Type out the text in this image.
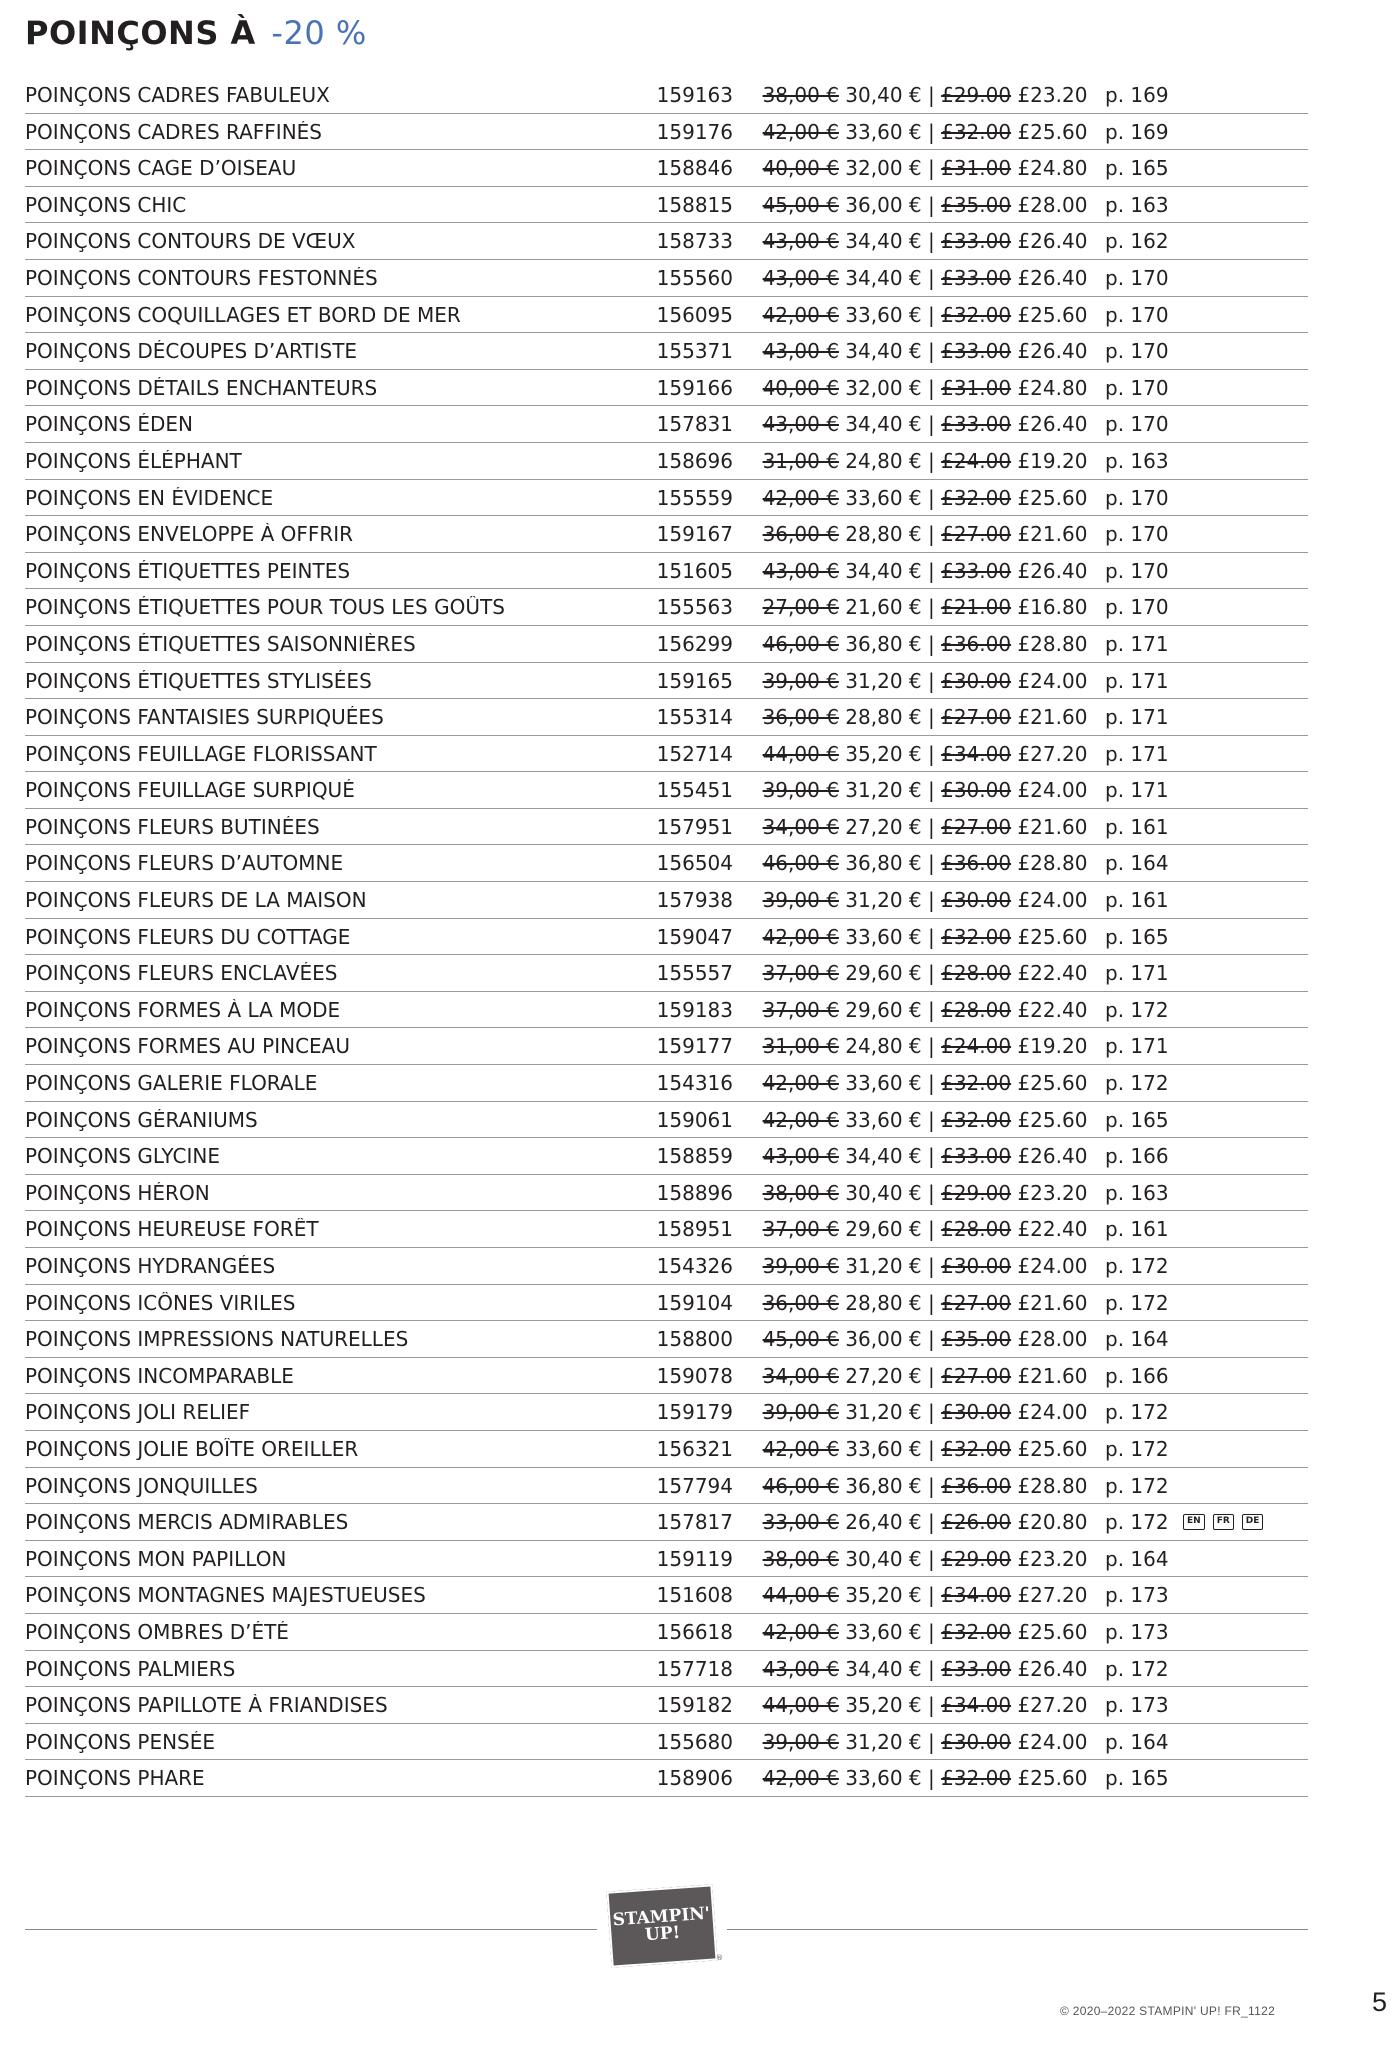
POINÇONS À -20 %
POINÇONS CADRES FABULEUX	159163	38,00 € 30,40 € | £29.00 £23.20 p. 169
POINÇONS CADRES RAFFINÉS	159176	42,00 € 33,60 € | £32.00 £25.60 p. 169
POINÇONS CAGE D’OISEAU	158846	40,00 € 32,00 € | £31.00 £24.80 p. 165
POINÇONS CHIC	158815	45,00 € 36,00 € | £35.00 £28.00 p. 163
POINÇONS CONTOURS DE VŒUX	158733	43,00 € 34,40 € | £33.00 £26.40 p. 162
POINÇONS CONTOURS FESTONNÉS	155560	43,00 € 34,40 € | £33.00 £26.40 p. 170
POINÇONS COQUILLAGES ET BORD DE MER	156095	42,00 € 33,60 € | £32.00 £25.60 p. 170
POINÇONS DÉCOUPES D’ARTISTE	155371	43,00 € 34,40 € | £33.00 £26.40 p. 170
POINÇONS DÉTAILS ENCHANTEURS	159166	40,00 € 32,00 € | £31.00 £24.80 p. 170
POINÇONS ÉDEN	157831	43,00 € 34,40 € | £33.00 £26.40 p. 170
POINÇONS ÉLÉPHANT	158696	31,00 € 24,80 € | £24.00 £19.20 p. 163
POINÇONS EN ÉVIDENCE	155559	42,00 € 33,60 € | £32.00 £25.60 p. 170
POINÇONS ENVELOPPE À OFFRIR	159167	36,00 € 28,80 € | £27.00 £21.60 p. 170
POINÇONS ÉTIQUETTES PEINTES	151605	43,00 € 34,40 € | £33.00 £26.40 p. 170
POINÇONS ÉTIQUETTES POUR TOUS LES GOÛTS	155563	27,00 € 21,60 € | £21.00 £16.80 p. 170
POINÇONS ÉTIQUETTES SAISONNIÈRES	156299	46,00 € 36,80 € | £36.00 £28.80 p. 171
POINÇONS ÉTIQUETTES STYLISÉES	159165	39,00 € 31,20 € | £30.00 £24.00 p. 171
POINÇONS FANTAISIES SURPIQUÉES	155314	36,00 € 28,80 € | £27.00 £21.60 p. 171
POINÇONS FEUILLAGE FLORISSANT	152714	44,00 € 35,20 € | £34.00 £27.20 p. 171
POINÇONS FEUILLAGE SURPIQUÉ	155451	39,00 € 31,20 € | £30.00 £24.00 p. 171
POINÇONS FLEURS BUTINÉES	157951	34,00 € 27,20 € | £27.00 £21.60 p. 161
POINÇONS FLEURS D’AUTOMNE	156504	46,00 € 36,80 € | £36.00 £28.80 p. 164
POINÇONS FLEURS DE LA MAISON	157938	39,00 € 31,20 € | £30.00 £24.00 p. 161
POINÇONS FLEURS DU COTTAGE	159047	42,00 € 33,60 € | £32.00 £25.60 p. 165
POINÇONS FLEURS ENCLAVÉES	155557	37,00 € 29,60 € | £28.00 £22.40 p. 171
POINÇONS FORMES À LA MODE	159183	37,00 € 29,60 € | £28.00 £22.40 p. 172
POINÇONS FORMES AU PINCEAU	159177	31,00 € 24,80 € | £24.00 £19.20 p. 171
POINÇONS GALERIE FLORALE	154316	42,00 € 33,60 € | £32.00 £25.60 p. 172
POINÇONS GÉRANIUMS	159061	42,00 € 33,60 € | £32.00 £25.60 p. 165
POINÇONS GLYCINE	158859	43,00 € 34,40 € | £33.00 £26.40 p. 166
POINÇONS HÉRON	158896	38,00 € 30,40 € | £29.00 £23.20 p. 163
POINÇONS HEUREUSE FORÊT	158951	37,00 € 29,60 € | £28.00 £22.40 p. 161
POINÇONS HYDRANGÉES	154326	39,00 € 31,20 € | £30.00 £24.00 p. 172
POINÇONS ICÔNES VIRILES	159104	36,00 € 28,80 € | £27.00 £21.60 p. 172
POINÇONS IMPRESSIONS NATURELLES	158800	45,00 € 36,00 € | £35.00 £28.00 p. 164
POINÇONS INCOMPARABLE	159078	34,00 € 27,20 € | £27.00 £21.60 p. 166
POINÇONS JOLI RELIEF	159179	39,00 € 31,20 € | £30.00 £24.00 p. 172
POINÇONS JOLIE BOÎTE OREILLER	156321	42,00 € 33,60 € | £32.00 £25.60 p. 172
POINÇONS JONQUILLES	157794	46,00 € 36,80 € | £36.00 £28.80 p. 172
POINÇONS MERCIS ADMIRABLES	157817	33,00 € 26,40 € | £26.00 £20.80 p. 172	EN	FR	DE
POINÇONS MON PAPILLON	159119	38,00 € 30,40 € | £29.00 £23.20 p. 164
POINÇONS MONTAGNES MAJESTUEUSES	151608	44,00 € 35,20 € | £34.00 £27.20 p. 173
POINÇONS OMBRES D’ÉTÉ	156618	42,00 € 33,60 € | £32.00 £25.60 p. 173
POINÇONS PALMIERS	157718	43,00 € 34,40 € | £33.00 £26.40 p. 172
POINÇONS PAPILLOTE À FRIANDISES	159182	44,00 € 35,20 € | £34.00 £27.20 p. 173
POINÇONS PENSÉE	155680	39,00 € 31,20 € | £30.00 £24.00 p. 164
POINÇONS PHARE	158906	42,00 € 33,60 € | £32.00 £25.60 p. 165
STAMPIN' UP!
®
© 2020–2022 STAMPIN' UP! FR_1122	5
